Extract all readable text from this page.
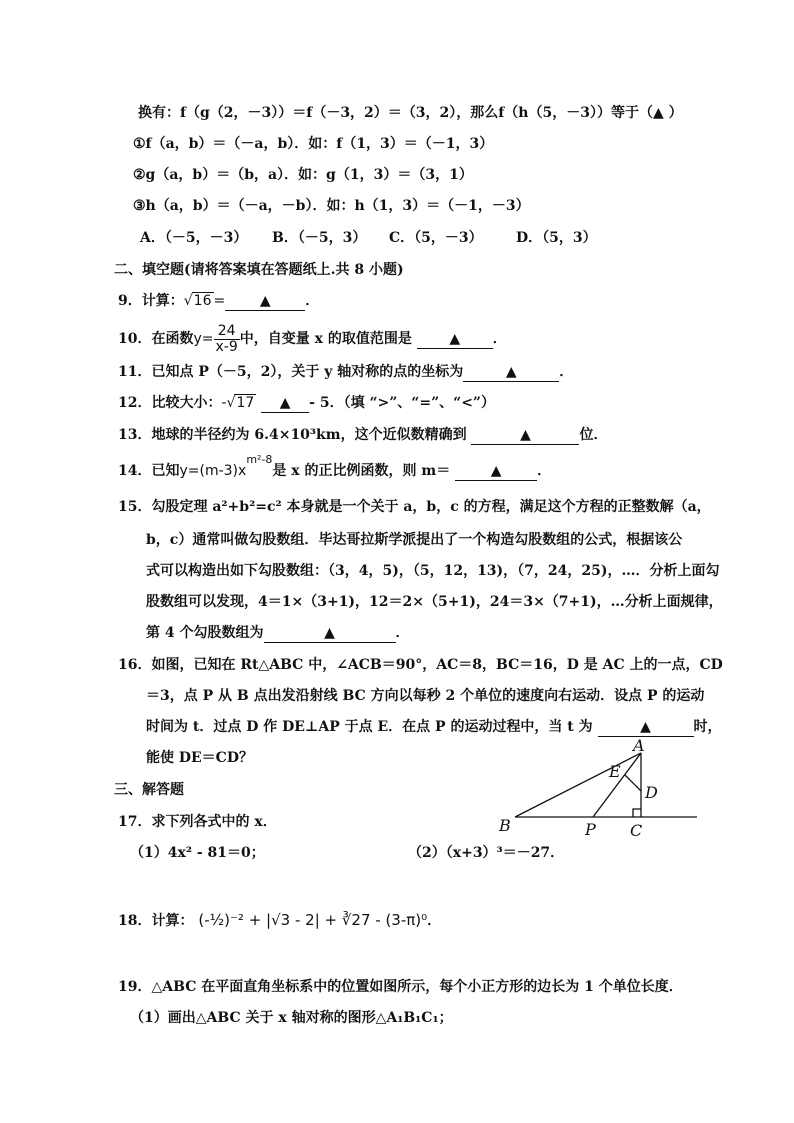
换有：f（g（2，－3））＝f（－3，2）＝（3，2），那么f（h（5，－3））等于（▲ ）
①f（a，b）＝（－a，b）．如：f（1，3）＝（－1，3）
②g（a，b）＝（b，a）．如：g（1，3）＝（3，1）
③h（a，b）＝（－a，－b）．如：h（1，3）＝（－1，－3）
A．（－5，－3） B．（－5，3） C．（5，－3） D．（5，3）
二、填空题(请将答案填在答题纸上.共 8 小题)
9．计算：√16 = ▲ ．
10．在函数$y= \frac{24}{x-9}$ 中，自变量 x 的取值范围是	▲ ．
11．已知点 P（－5，2），关于 y 轴对称的点的坐标为	▲	．
12．比较大小：-√17 ▲ - 5．（填 “>”、“=”、“<”）
13．地球的半径约为 6.4×10³km，这个近似数精确到	▲	位．
14．已知$y=(m-3)x^{m^2-8}$是 x 的正比例函数，则 m＝	▲	．
15．勾股定理 a²+b²=c² 本身就是一个关于 a，b，c 的方程，满足这个方程的正整数解（a，
b，c）通常叫做勾股数组．毕达哥拉斯学派提出了一个构造勾股数组的公式，根据该公
式可以构造出如下勾股数组：（3，4，5)，（5，12，13)，（7，24，25)，…．分析上面勾
股数组可以发现，4＝1×（3+1)，12＝2×（5+1)，24＝3×（7+1)，…分析上面规律，
第 4 个勾股数组为	▲	．
16．如图，已知在 Rt△ABC 中，∠ACB＝90°，AC＝8，BC＝16，D 是 AC 上的一点，CD
＝3，点 P 从 B 点出发沿射线 BC 方向以每秒 2 个单位的速度向右运动．设点 P 的运动
时间为 t．过点 D 作 DE⊥AP 于点 E．在点 P 的运动过程中，当 t 为	▲	时，
能使 DE＝CD？
A
B	C
D
E
P
三、解答题
17．求下列各式中的 x．
（1）4x² - 81＝0；	（2）（x+3）³＝－27．
18．计算： (-½)⁻² + |√3 - 2| + ∛27 - (3-π)⁰．
19．△ABC 在平面直角坐标系中的位置如图所示，每个小正方形的边长为 1 个单位长度．
（1）画出△ABC 关于 x 轴对称的图形△A₁B₁C₁；
